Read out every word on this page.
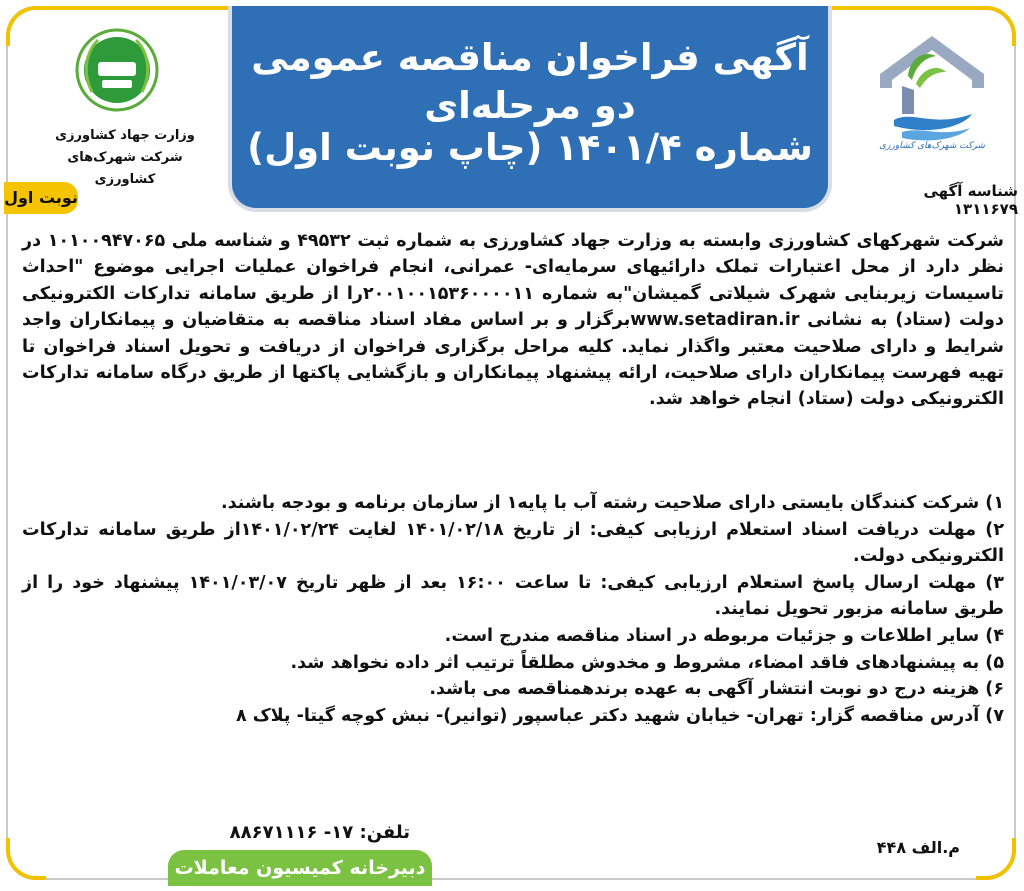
شرکت شهرک‌های کشاورزی
وزارت جهاد کشاورزی
شرکت شهرک‌های کشاورزی
آگهی فراخوان مناقصه عمومی دو مرحله‌ای
شماره ۱۴۰۱/۴ (چاپ نوبت اول)
شناسه آگهی ۱۳۱۱۶۷۹
نوبت اول

شرکت شهرکهای کشاورزی وابسته به وزارت جهاد کشاورزی به شماره ثبت ۴۹۵۳۲ و شناسه ملی ۱۰۱۰۰۹۴۷۰۶۵ در نظر دارد از محل اعتبارات تملک دارائیهای سرمایه‌ای- عمرانی، انجام فراخوان عملیات اجرایی موضوع "احداث تاسیسات زیربنایی شهرک شیلاتی گمیشان"به شماره ۲۰۰۱۰۰۱۵۳۶۰۰۰۰۱۱را از طریق سامانه تدارکات الکترونیکی دولت (ستاد) به نشانی www.setadiran.irبرگزار و بر اساس مفاد اسناد مناقصه به متقاضیان و پیمانکاران واجد شرایط و دارای صلاحیت معتبر واگذار نماید. کلیه مراحل برگزاری فراخوان از دریافت و تحویل اسناد فراخوان تا تهیه فهرست پیمانکاران دارای صلاحیت، ارائه پیشنهاد پیمانکاران و بازگشایی پاکتها از طریق درگاه سامانه تدارکات الکترونیکی دولت (ستاد) انجام خواهد شد.

۱) شرکت کنندگان بایستی دارای صلاحیت رشته آب با پایه۱ از سازمان برنامه و بودجه باشند.

۲) مهلت دریافت اسناد استعلام ارزیابی کیفی: از تاریخ ۱۴۰۱/۰۲/۱۸ لغایت ۱۴۰۱/۰۲/۲۴از طریق سامانه تدارکات الکترونیکی دولت.

۳) مهلت ارسال پاسخ استعلام ارزیابی کیفی: تا ساعت ۱۶:۰۰ بعد از ظهر تاریخ ۱۴۰۱/۰۳/۰۷ پیشنهاد خود را از طریق سامانه مزبور تحویل نمایند.

۴) سایر اطلاعات و جزئیات مربوطه در اسناد مناقصه مندرج است.

۵) به پیشنهادهای فاقد امضاء، مشروط و مخدوش مطلقاً ترتیب اثر داده نخواهد شد.

۶) هزینه درج دو نوبت انتشار آگهی به عهده برندهمناقصه می باشد.

۷) آدرس مناقصه گزار: تهران- خیابان شهید دکتر عباسپور (توانیر)- نبش کوچه گیتا- پلاک ۸

تلفن: ۱۷- ۸۸۶۷۱۱۱۶
م.الف ۴۴۸
دبیرخانه کمیسیون معاملات
